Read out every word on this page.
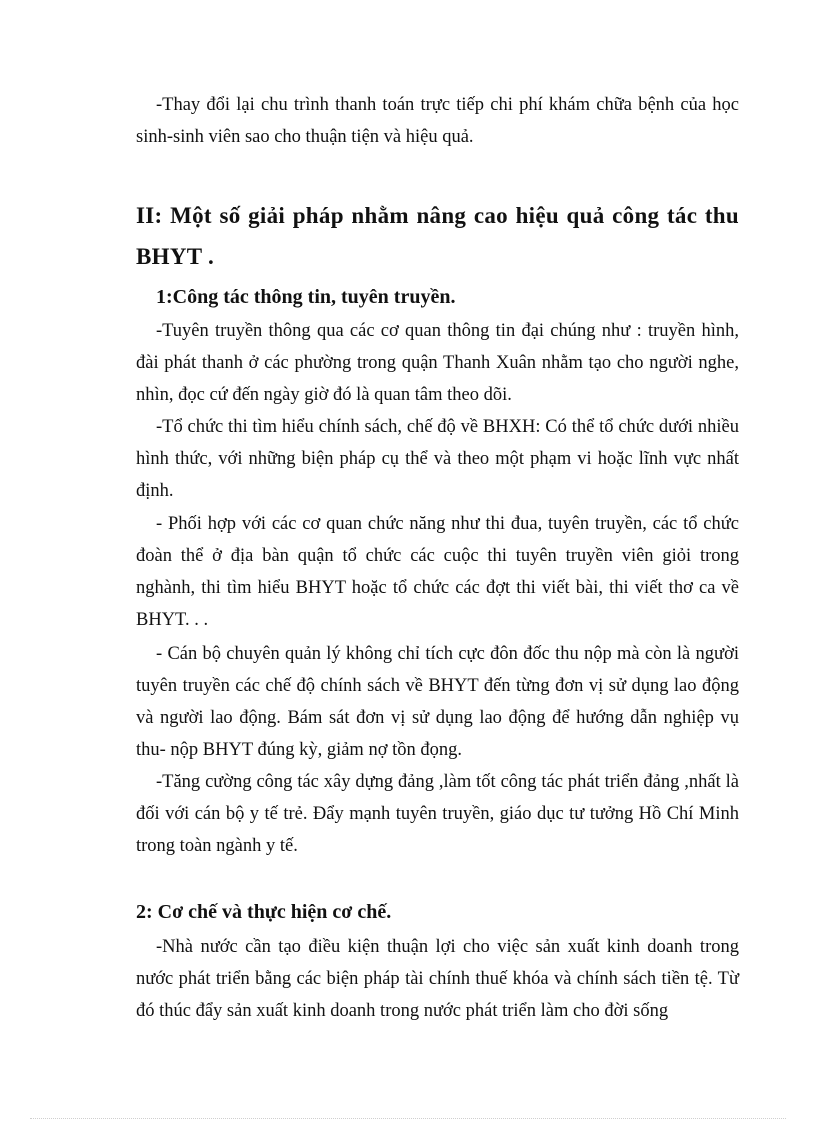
-Thay đổi lại chu trình thanh toán trực tiếp chi phí khám chữa bệnh của học sinh-sinh viên sao cho thuận tiện và hiệu quả.

II: Một số giải pháp nhằm nâng cao hiệu quả công tác thu BHYT .
1:Công tác thông tin, tuyên truyền.

-Tuyên truyền thông qua các cơ quan thông tin đại chúng như : truyền hình, đài phát thanh ở các phường trong quận Thanh Xuân nhằm tạo cho người nghe, nhìn, đọc cứ đến ngày giờ đó là quan tâm theo dõi.

-Tổ chức thi tìm hiểu chính sách, chế độ về BHXH: Có thể tổ chức dưới nhiều hình thức, với những biện pháp cụ thể và theo một phạm vi hoặc lĩnh vực nhất định.

- Phối hợp với các cơ quan chức năng như thi đua, tuyên truyền, các tổ chức đoàn thể ở địa bàn quận tổ chức các cuộc thi tuyên truyền viên giỏi trong nghành, thi tìm hiểu BHYT hoặc tổ chức các đợt thi viết bài, thi viết thơ ca về BHYT. . .

- Cán bộ chuyên quản lý không chỉ tích cực đôn đốc thu nộp mà còn là người tuyên truyền các chế độ chính sách về BHYT đến từng đơn vị sử dụng lao động và người lao động. Bám sát đơn vị sử dụng lao động để hướng dẫn nghiệp vụ thu- nộp BHYT đúng kỳ, giảm nợ tồn đọng.

-Tăng cường công tác xây dựng đảng ,làm tốt công tác phát triển đảng ,nhất là đối với cán bộ y tế trẻ. Đẩy mạnh tuyên truyền, giáo dục tư tưởng Hồ Chí Minh trong toàn ngành y tế.

2: Cơ chế và thực hiện cơ chế.

-Nhà nước cần tạo điều kiện thuận lợi cho việc sản xuất kinh doanh trong nước phát triển bằng các biện pháp tài chính thuế khóa và chính sách tiền tệ. Từ đó thúc đẩy sản xuất kinh doanh trong nước phát triển làm cho đời sống
